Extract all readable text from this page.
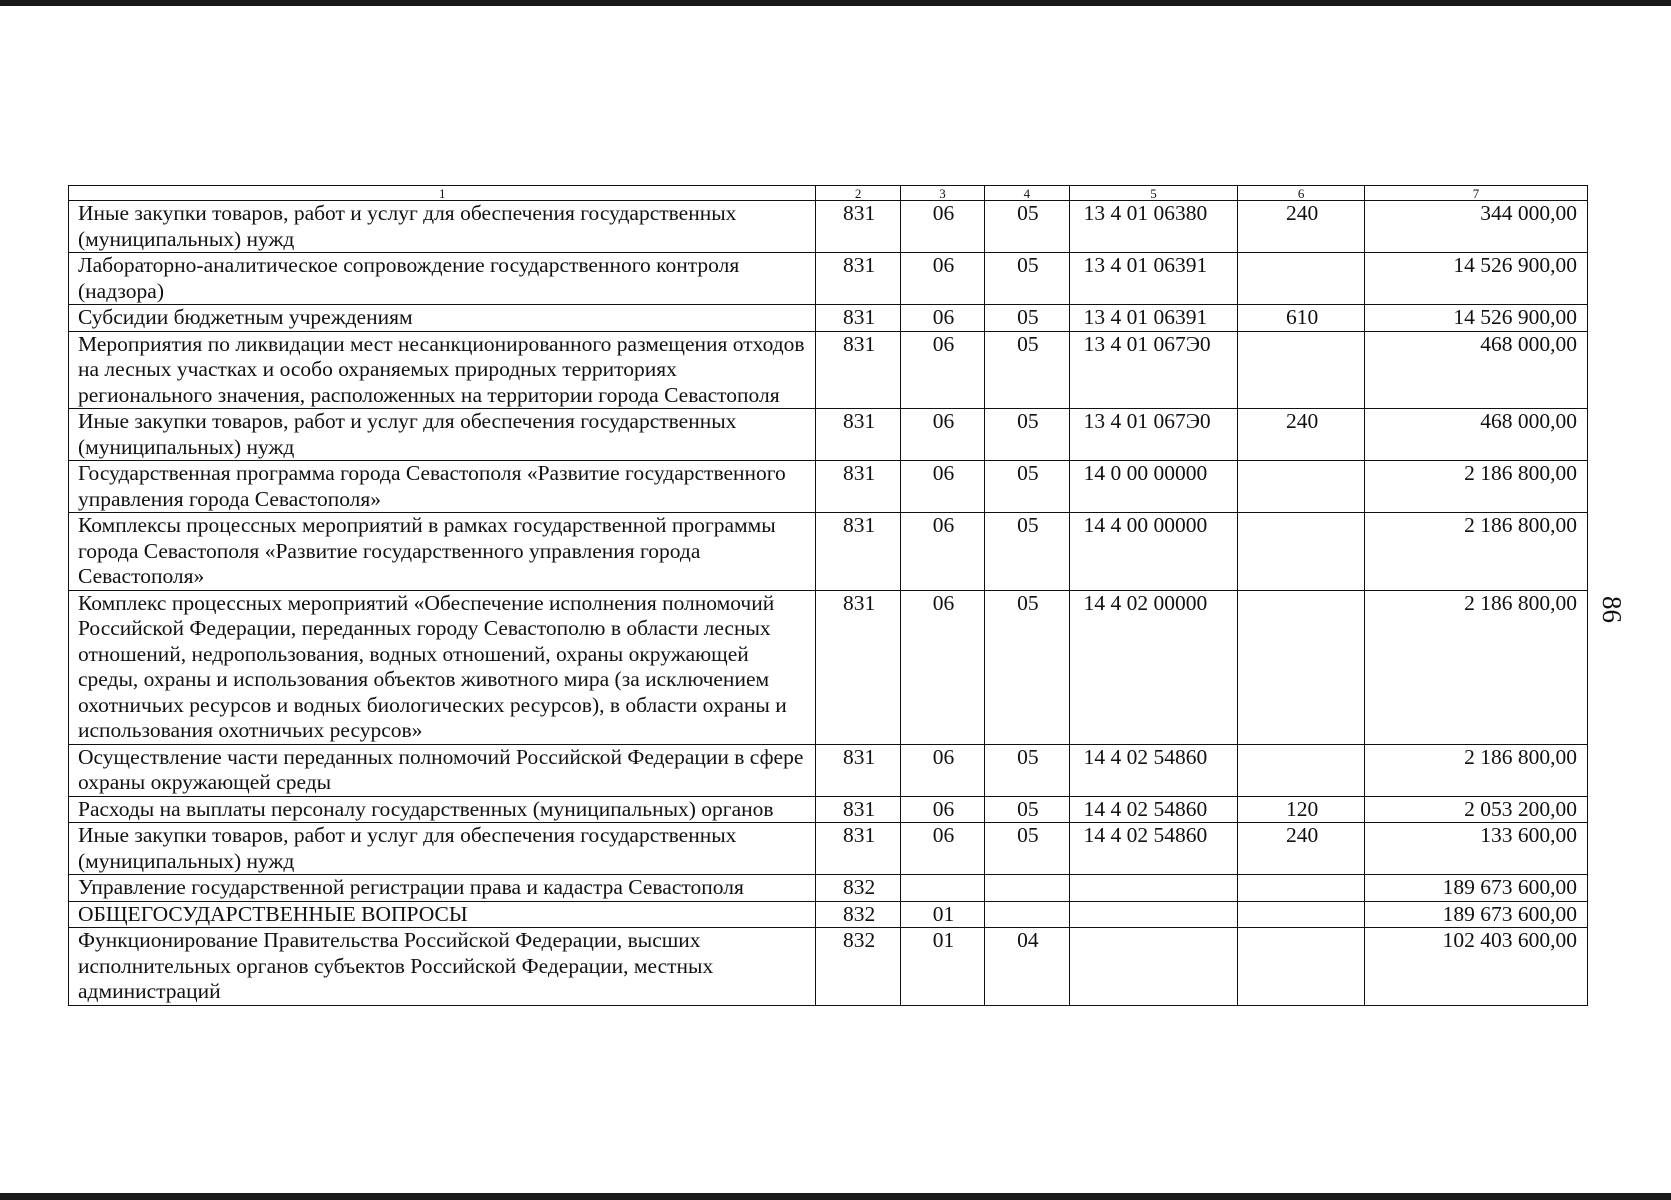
1	2	3	4	5	6	7
Иные закупки товаров, работ и услуг для обеспечения государственных (муниципальных) нужд	831	06	05	13 4 01 06380	240	344 000,00
Лабораторно-аналитическое сопровождение государственного контроля (надзора)	831	06	05	13 4 01 06391		14 526 900,00
Субсидии бюджетным учреждениям	831	06	05	13 4 01 06391	610	14 526 900,00
Мероприятия по ликвидации мест несанкционированного размещения отходов на лесных участках и особо охраняемых природных территориях регионального значения, расположенных на территории города Севастополя	831	06	05	13 4 01 067Э0		468 000,00
Иные закупки товаров, работ и услуг для обеспечения государственных (муниципальных) нужд	831	06	05	13 4 01 067Э0	240	468 000,00
Государственная программа города Севастополя «Развитие государственного управления города Севастополя»	831	06	05	14 0 00 00000		2 186 800,00
Комплексы процессных мероприятий в рамках государственной программы города Севастополя «Развитие государственного управления города Севастополя»	831	06	05	14 4 00 00000		2 186 800,00
Комплекс процессных мероприятий «Обеспечение исполнения полномочий Российской Федерации, переданных городу Севастополю в области лесных отношений, недропользования, водных отношений, охраны окружающей среды, охраны и использования объектов животного мира (за исключением охотничьих ресурсов и водных биологических ресурсов), в области охраны и использования охотничьих ресурсов»	831	06	05	14 4 02 00000		2 186 800,00
Осуществление части переданных полномочий Российской Федерации в сфере охраны окружающей среды	831	06	05	14 4 02 54860		2 186 800,00
Расходы на выплаты персоналу государственных (муниципальных) органов	831	06	05	14 4 02 54860	120	2 053 200,00
Иные закупки товаров, работ и услуг для обеспечения государственных (муниципальных) нужд	831	06	05	14 4 02 54860	240	133 600,00
Управление государственной регистрации права и кадастра Севастополя	832					189 673 600,00
ОБЩЕГОСУДАРСТВЕННЫЕ ВОПРОСЫ	832	01				189 673 600,00
Функционирование Правительства Российской Федерации, высших исполнительных органов субъектов Российской Федерации, местных администраций	832	01	04			102 403 600,00
86
